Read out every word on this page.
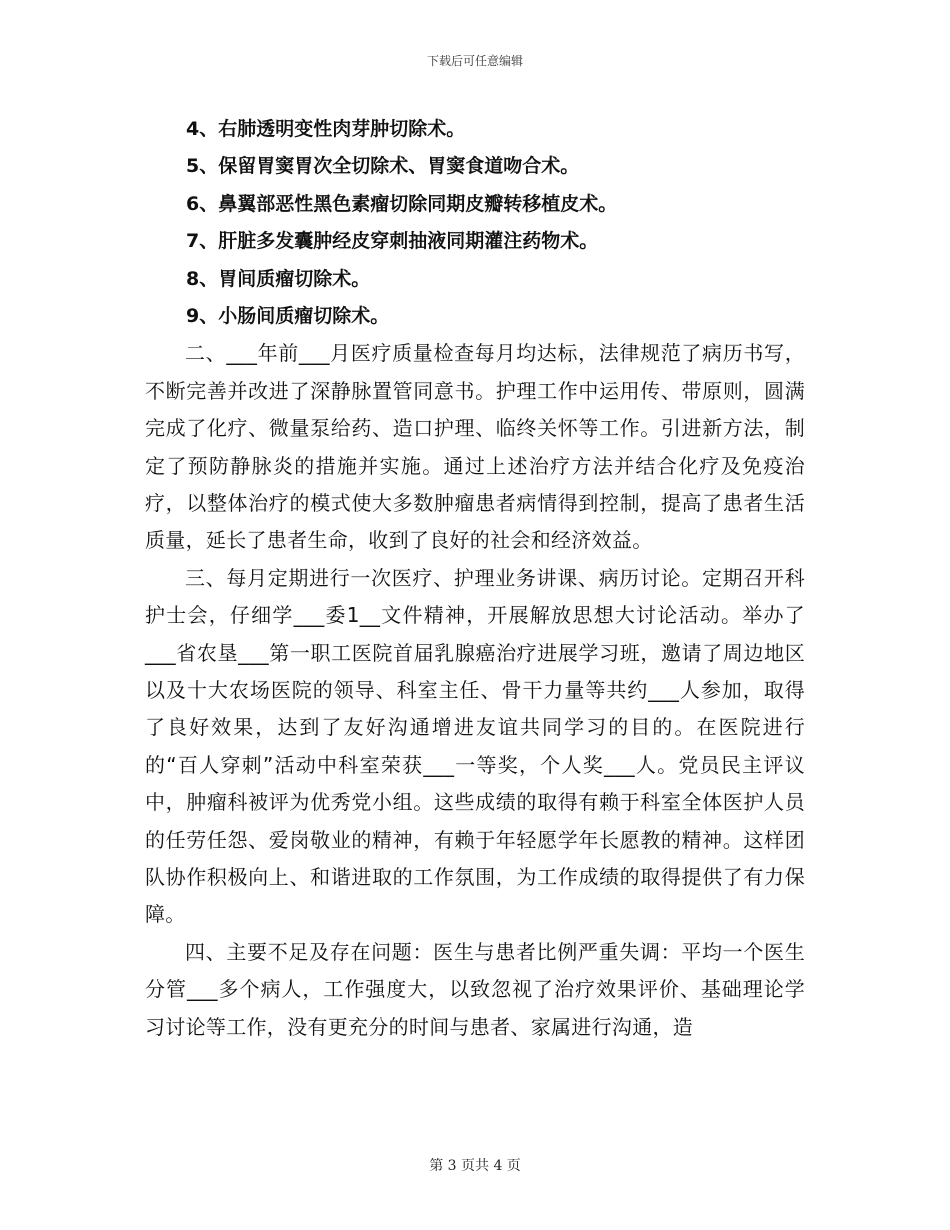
下载后可任意编辑
4、右肺透明变性肉芽肿切除术。
5、保留胃窦胃次全切除术、胃窦食道吻合术。
6、鼻翼部恶性黑色素瘤切除同期皮瓣转移植皮术。
7、肝脏多发囊肿经皮穿刺抽液同期灌注药物术。
8、胃间质瘤切除术。
9、小肠间质瘤切除术。

二、___年前___月医疗质量检查每月均达标，法律规范了病历书写，不断完善并改进了深静脉置管同意书。护理工作中运用传、带原则，圆满完成了化疗、微量泵给药、造口护理、临终关怀等工作。引进新方法，制定了预防静脉炎的措施并实施。通过上述治疗方法并结合化疗及免疫治疗，以整体治疗的模式使大多数肿瘤患者病情得到控制，提高了患者生活质量，延长了患者生命，收到了良好的社会和经济效益。

三、每月定期进行一次医疗、护理业务讲课、病历讨论。定期召开科护士会，仔细学___委1__文件精神，开展解放思想大讨论活动。举办了___省农垦___第一职工医院首届乳腺癌治疗进展学习班，邀请了周边地区以及十大农场医院的领导、科室主任、骨干力量等共约___人参加，取得了良好效果，达到了友好沟通增进友谊共同学习的目的。在医院进行的“百人穿刺”活动中科室荣获___一等奖，个人奖___人。党员民主评议中，肿瘤科被评为优秀党小组。这些成绩的取得有赖于科室全体医护人员的任劳任怨、爱岗敬业的精神，有赖于年轻愿学年长愿教的精神。这样团队协作积极向上、和谐进取的工作氛围，为工作成绩的取得提供了有力保障。

四、主要不足及存在问题：医生与患者比例严重失调：平均一个医生分管___多个病人，工作强度大，以致忽视了治疗效果评价、基础理论学习讨论等工作，没有更充分的时间与患者、家属进行沟通，造

第 3 页共 4 页
